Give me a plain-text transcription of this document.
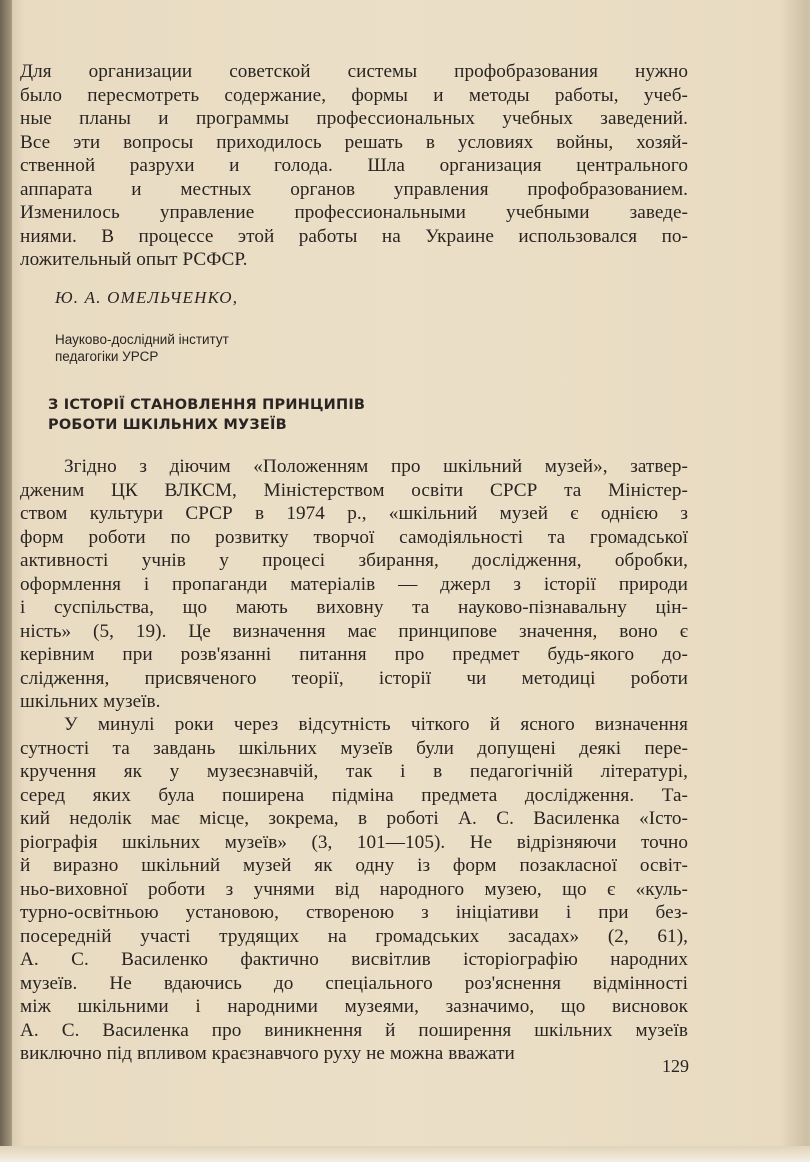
Для организации советской системы профобразования нужно
было пересмотреть содержание, формы и методы работы, учеб-
ные планы и программы профессиональных учебных заведений.
Все эти вопросы приходилось решать в условиях войны, хозяй-
ственной разрухи и голода. Шла организация центрального
аппарата и местных органов управления профобразованием.
Изменилось управление профессиональными учебными заведе-
ниями. В процессе этой работы на Украине использовался по-
ложительный опыт РСФСР.
Ю. А. ОМЕЛЬЧЕНКО,
Науково-дослідний інститут
педагогіки УРСР
З ІСТОРІЇ СТАНОВЛЕННЯ ПРИНЦИПІВ
РОБОТИ ШКІЛЬНИХ МУЗЕЇВ
Згідно з діючим «Положенням про шкільний музей», затвер-
дженим ЦК ВЛКСМ, Міністерством освіти СРСР та Міністер-
ством культури СРСР в 1974 р., «шкільний музей є однією з
форм роботи по розвитку творчої самодіяльності та громадської
активності учнів у процесі збирання, дослідження, обробки,
оформлення і пропаганди матеріалів — джерл з історії природи
і суспільства, що мають виховну та науково-пізнавальну цін-
ність» (5, 19). Це визначення має принципове значення, воно є
керівним при розв'язанні питання про предмет будь-якого до-
слідження, присвяченого теорії, історії чи методиці роботи
шкільних музеїв.
У минулі роки через відсутність чіткого й ясного визначення
сутності та завдань шкільних музеїв були допущені деякі пере-
кручення як у музеєзнавчій, так і в педагогічній літературі,
серед яких була поширена підміна предмета дослідження. Та-
кий недолік має місце, зокрема, в роботі А. С. Василенка «Істо-
ріографія шкільних музеїв» (3, 101—105). Не відрізняючи точно
й виразно шкільний музей як одну із форм позакласної освіт-
ньо-виховної роботи з учнями від народного музею, що є «куль-
турно-освітньою установою, створеною з ініціативи і при без-
посередній участі трудящих на громадських засадах» (2, 61),
А. С. Василенко фактично висвітлив історіографію народних
музеїв. Не вдаючись до спеціального роз'яснення відмінності
між шкільними і народними музеями, зазначимо, що висновок
А. С. Василенка про виникнення й поширення шкільних музеїв
виключно під впливом краєзнавчого руху не можна вважати
129
